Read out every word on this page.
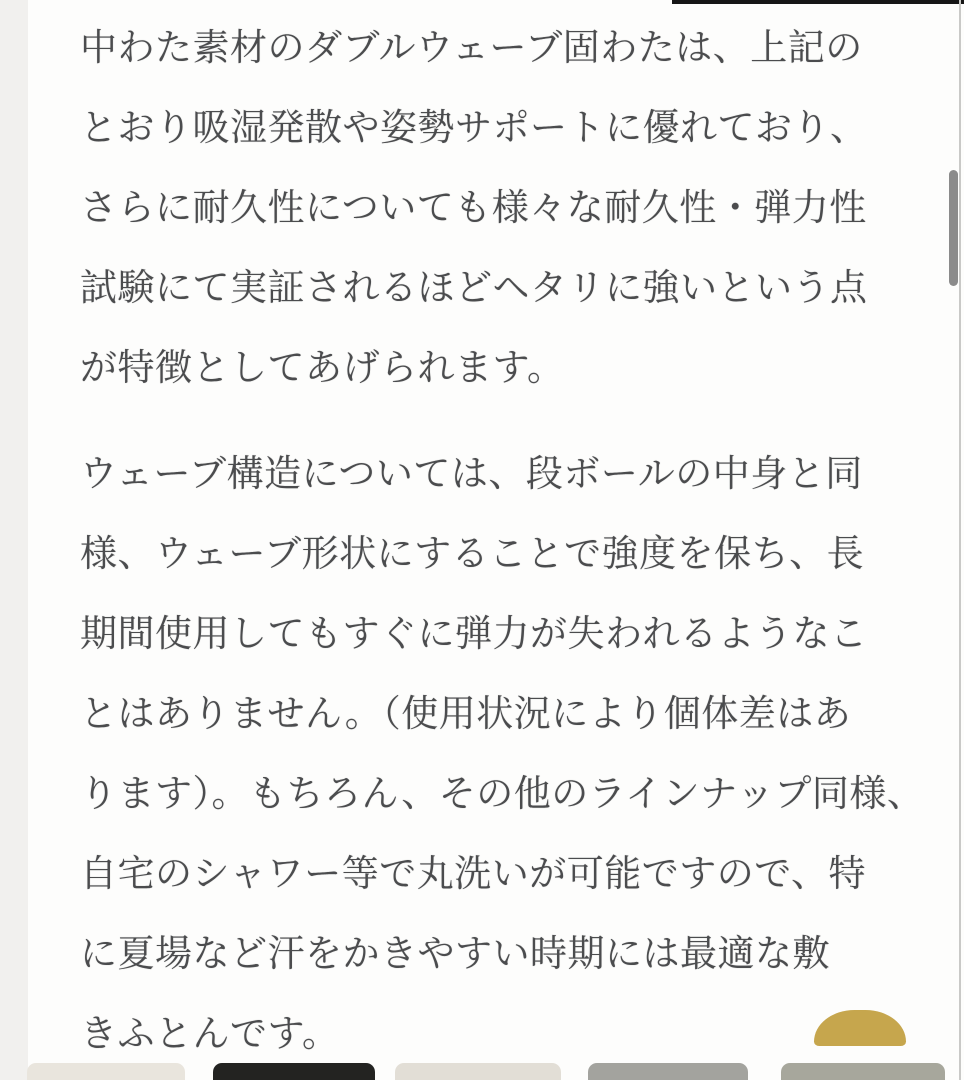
中わた素材のダブルウェーブ固わたは、上記の
とおり吸湿発散や姿勢サポートに優れており、
さらに耐久性についても様々な耐久性・弾力性
試験にて実証されるほどヘタリに強いという点
が特徴としてあげられます。
ウェーブ構造については、段ボールの中身と同
様、ウェーブ形状にすることで強度を保ち、長
期間使用してもすぐに弾力が失われるようなこ
とはありません。（使用状況により個体差はあ
ります）。もちろん、その他のラインナップ同様、
自宅のシャワー等で丸洗いが可能ですので、特
に夏場など汗をかきやすい時期には最適な敷
きふとんです。
